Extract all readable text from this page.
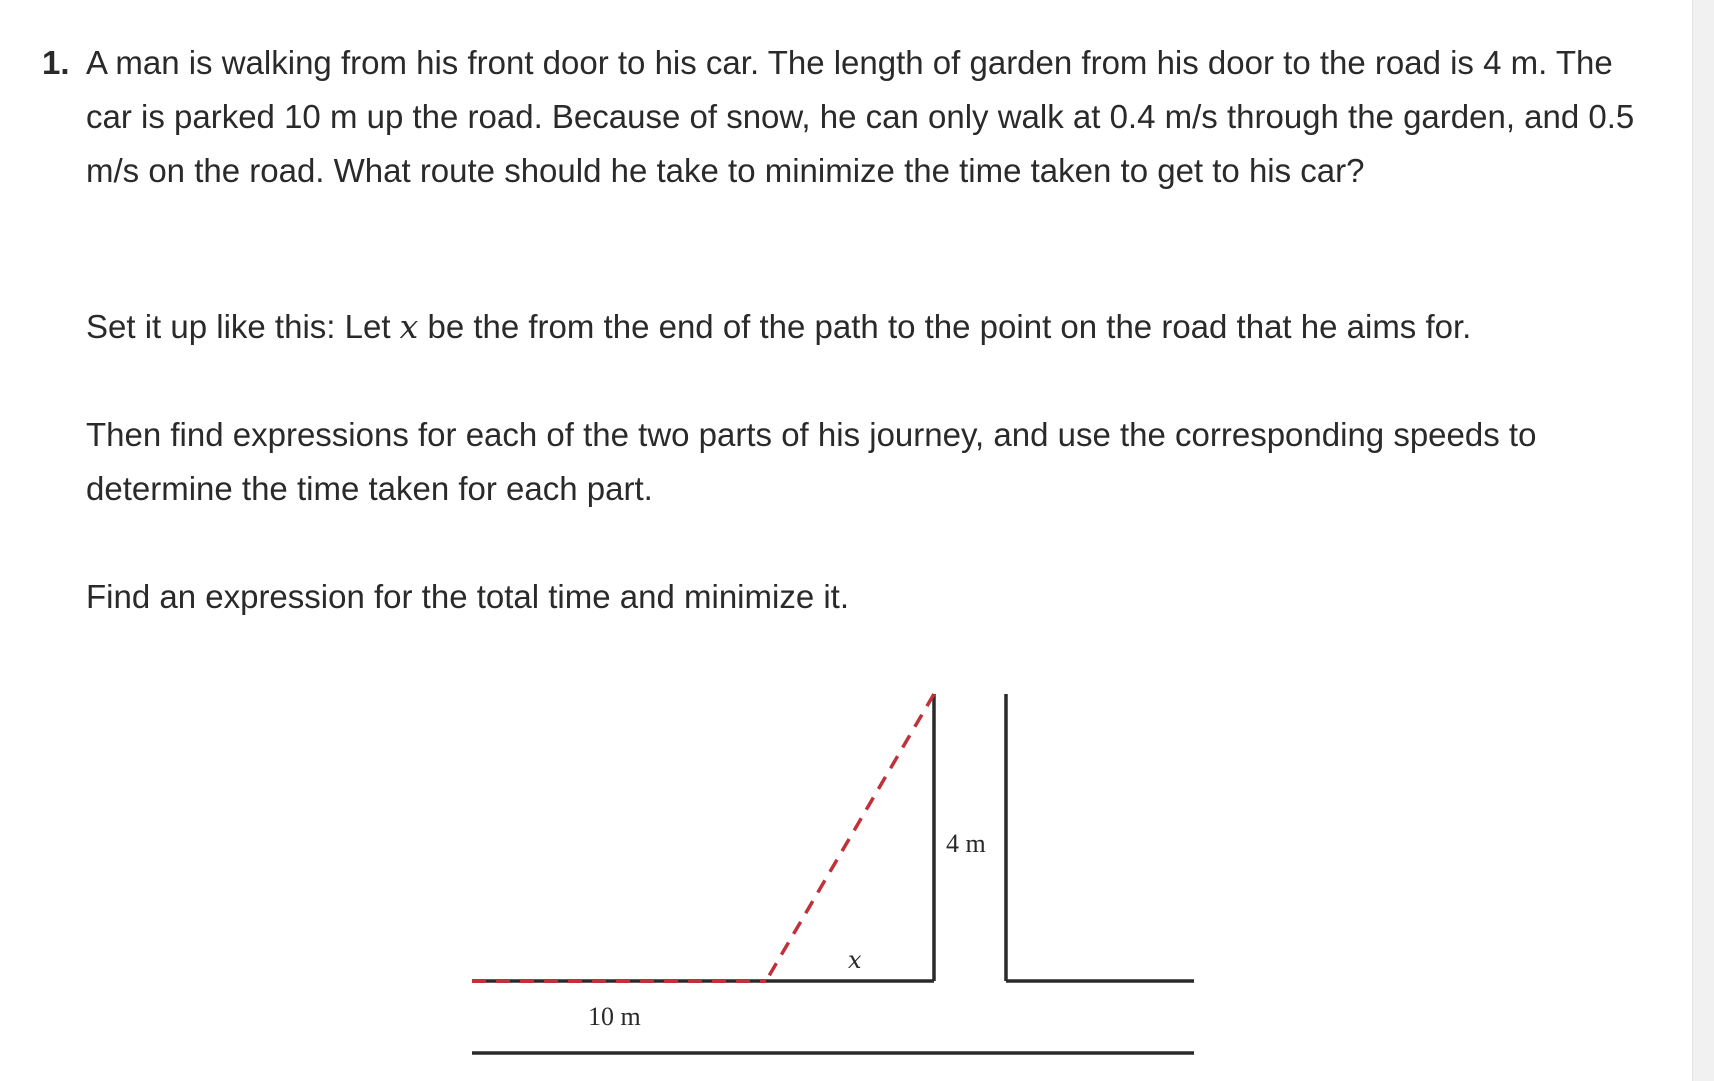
1. A man is walking from his front door to his car. The length of garden from his door to the road is 4 m. The car is parked 10 m up the road. Because of snow, he can only walk at 0.4 m/s through the garden, and 0.5 m/s on the road. What route should he take to minimize the time taken to get to his car?

Set it up like this: Let x be the from the end of the path to the point on the road that he aims for.

Then find expressions for each of the two parts of his journey, and use the corresponding speeds to determine the time taken for each part.

Find an expression for the total time and minimize it.

4 m
x
10 m
